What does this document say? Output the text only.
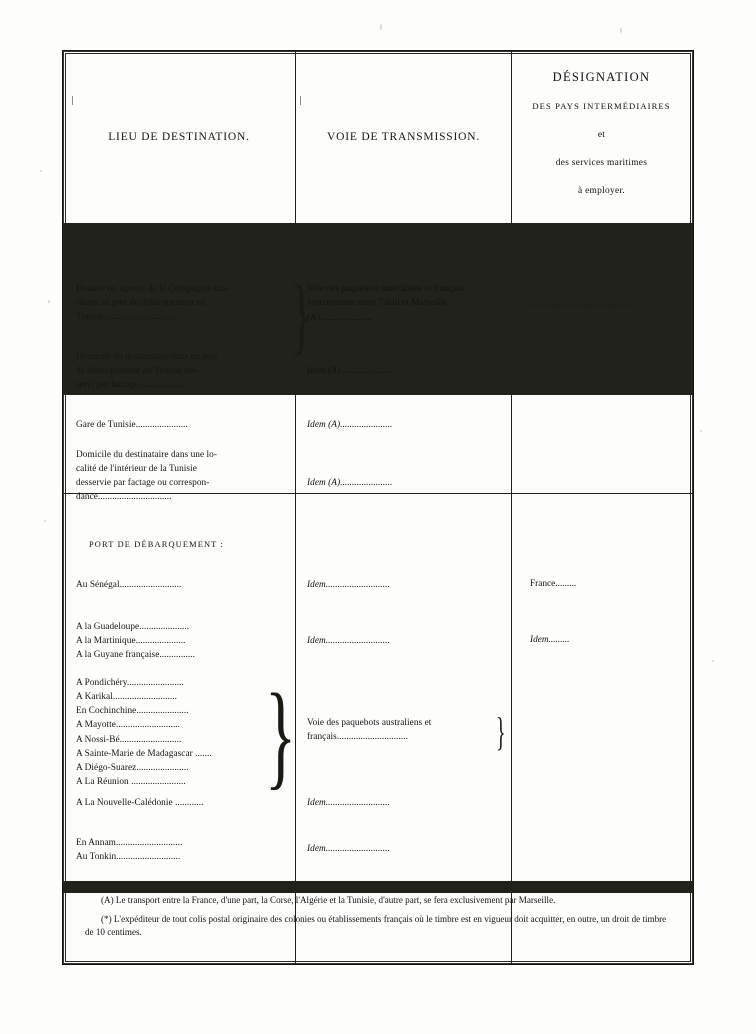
LIEU DE DESTINATION.	VOIE DE TRANSMISSION.
DÉSIGNATION
DES PAYS INTERMÉDIAIRES
et
des services maritimes
à employer.
Douane ou agence de la Compagnie ma-
ritime au port de débarquement en
Tunisie..............................
Domicile du destinataire dans un port
de débarquement en Tunisie des-
servi par factage....................
Gare de Tunisie......................
Domicile du destinataire dans une lo-
calité de l'intérieur de la Tunisie
desservie par factage ou correspon-
dance...............................
Voie des paquebots australiens et français fonctionnant entre Tahiti et Marseille (A)......................
Idem (A)......................
Idem (A)......................
Idem (A)......................
}	.............................
PORT DE DÉBARQUEMENT :
Au Sénégal..........................
A la Guadeloupe.....................
A la Martinique.....................
A la Guyane française...............
A Pondichéry........................
A Karikal...........................
En Cochinchine......................
A Mayotte...........................
A Nossi-Bé..........................
A Sainte-Marie de Madagascar .......
A Diégo-Suarez......................
A La Réunion .......................
A La Nouvelle-Calédonie ............
En Annam............................
Au Tonkin...........................
}
Idem...........................
Idem...........................
Voie des paquebots australiens et français..............................
Idem...........................
Idem...........................
}
France.........
Idem.........

(A) Le transport entre la France, d'une part, la Corse, l'Algérie et la Tunisie, d'autre part, se fera exclusivement par Marseille.

(*) L'expéditeur de tout colis postal originaire des colonies ou établissements français où le timbre est en vigueur doit acquitter, en outre, un droit de timbre de 10 centimes.
